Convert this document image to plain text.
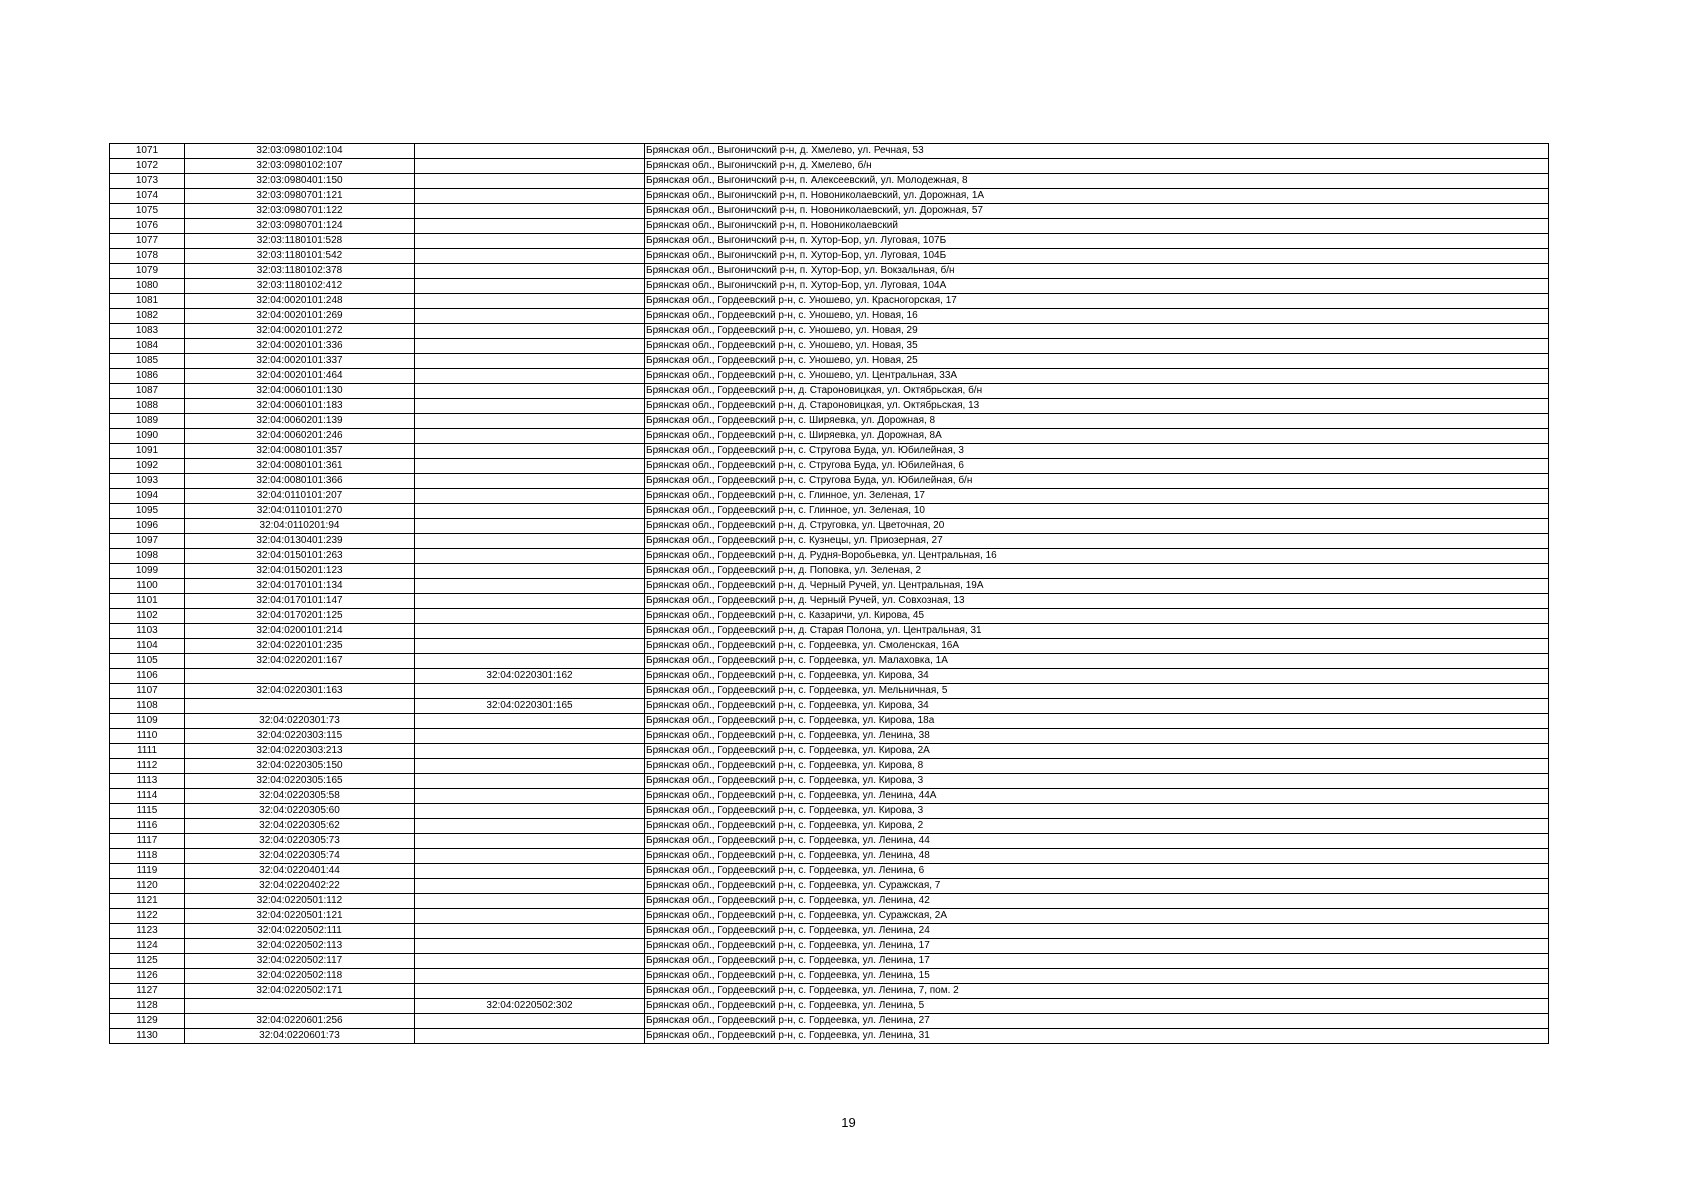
1071	32:03:0980102:104		Брянская обл., Выгоничский р-н, д. Хмелево, ул. Речная, 53
1072	32:03:0980102:107		Брянская обл., Выгоничский р-н, д. Хмелево, б/н
1073	32:03:0980401:150		Брянская обл., Выгоничский р-н, п. Алексеевский, ул. Молодежная, 8
1074	32:03:0980701:121		Брянская обл., Выгоничский р-н, п. Новониколаевский, ул. Дорожная, 1А
1075	32:03:0980701:122		Брянская обл., Выгоничский р-н, п. Новониколаевский, ул. Дорожная, 57
1076	32:03:0980701:124		Брянская обл., Выгоничский р-н, п. Новониколаевский
1077	32:03:1180101:528		Брянская обл., Выгоничский р-н, п. Хутор-Бор, ул. Луговая, 107Б
1078	32:03:1180101:542		Брянская обл., Выгоничский р-н, п. Хутор-Бор, ул. Луговая, 104Б
1079	32:03:1180102:378		Брянская обл., Выгоничский р-н, п. Хутор-Бор, ул. Вокзальная, б/н
1080	32:03:1180102:412		Брянская обл., Выгоничский р-н, п. Хутор-Бор, ул. Луговая, 104А
1081	32:04:0020101:248		Брянская обл., Гордеевский р-н, с. Уношево, ул. Красногорская, 17
1082	32:04:0020101:269		Брянская обл., Гордеевский р-н, с. Уношево, ул. Новая, 16
1083	32:04:0020101:272		Брянская обл., Гордеевский р-н, с. Уношево, ул. Новая, 29
1084	32:04:0020101:336		Брянская обл., Гордеевский р-н, с. Уношево, ул. Новая, 35
1085	32:04:0020101:337		Брянская обл., Гордеевский р-н, с. Уношево, ул. Новая, 25
1086	32:04:0020101:464		Брянская обл., Гордеевский р-н, с. Уношево, ул. Центральная, 33А
1087	32:04:0060101:130		Брянская обл., Гордеевский р-н, д. Староновицкая, ул. Октябрьская, б/н
1088	32:04:0060101:183		Брянская обл., Гордеевский р-н, д. Староновицкая, ул. Октябрьская, 13
1089	32:04:0060201:139		Брянская обл., Гордеевский р-н, с. Ширяевка, ул. Дорожная, 8
1090	32:04:0060201:246		Брянская обл., Гордеевский р-н, с. Ширяевка, ул. Дорожная, 8А
1091	32:04:0080101:357		Брянская обл., Гордеевский р-н, с. Стругова Буда, ул. Юбилейная, 3
1092	32:04:0080101:361		Брянская обл., Гордеевский р-н, с. Стругова Буда, ул. Юбилейная, 6
1093	32:04:0080101:366		Брянская обл., Гордеевский р-н, с. Стругова Буда, ул. Юбилейная, б/н
1094	32:04:0110101:207		Брянская обл., Гордеевский р-н, с. Глинное, ул. Зеленая, 17
1095	32:04:0110101:270		Брянская обл., Гордеевский р-н, с. Глинное, ул. Зеленая, 10
1096	32:04:0110201:94		Брянская обл., Гордеевский р-н, д. Струговка, ул. Цветочная, 20
1097	32:04:0130401:239		Брянская обл., Гордеевский р-н, с. Кузнецы, ул. Приозерная, 27
1098	32:04:0150101:263		Брянская обл., Гордеевский р-н, д. Рудня-Воробьевка, ул. Центральная, 16
1099	32:04:0150201:123		Брянская обл., Гордеевский р-н, д. Поповка, ул. Зеленая, 2
1100	32:04:0170101:134		Брянская обл., Гордеевский р-н, д. Черный Ручей, ул. Центральная, 19А
1101	32:04:0170101:147		Брянская обл., Гордеевский р-н, д. Черный Ручей, ул. Совхозная, 13
1102	32:04:0170201:125		Брянская обл., Гордеевский р-н, с. Казаричи, ул. Кирова, 45
1103	32:04:0200101:214		Брянская обл., Гордеевский р-н, д. Старая Полона, ул. Центральная, 31
1104	32:04:0220101:235		Брянская обл., Гордеевский р-н, с. Гордеевка, ул. Смоленская, 16А
1105	32:04:0220201:167		Брянская обл., Гордеевский р-н, с. Гордеевка, ул. Малаховка, 1А
1106		32:04:0220301:162	Брянская обл., Гордеевский р-н, с. Гордеевка, ул. Кирова, 34
1107	32:04:0220301:163		Брянская обл., Гордеевский р-н, с. Гордеевка, ул. Мельничная, 5
1108		32:04:0220301:165	Брянская обл., Гордеевский р-н, с. Гордеевка, ул. Кирова, 34
1109	32:04:0220301:73		Брянская обл., Гордеевский р-н, с. Гордеевка, ул. Кирова, 18а
1110	32:04:0220303:115		Брянская обл., Гордеевский р-н, с. Гордеевка, ул. Ленина, 38
1111	32:04:0220303:213		Брянская обл., Гордеевский р-н, с. Гордеевка, ул. Кирова, 2А
1112	32:04:0220305:150		Брянская обл., Гордеевский р-н, с. Гордеевка, ул. Кирова, 8
1113	32:04:0220305:165		Брянская обл., Гордеевский р-н, с. Гордеевка, ул. Кирова, 3
1114	32:04:0220305:58		Брянская обл., Гордеевский р-н, с. Гордеевка, ул. Ленина, 44А
1115	32:04:0220305:60		Брянская обл., Гордеевский р-н, с. Гордеевка, ул. Кирова, 3
1116	32:04:0220305:62		Брянская обл., Гордеевский р-н, с. Гордеевка, ул. Кирова, 2
1117	32:04:0220305:73		Брянская обл., Гордеевский р-н, с. Гордеевка, ул. Ленина, 44
1118	32:04:0220305:74		Брянская обл., Гордеевский р-н, с. Гордеевка, ул. Ленина, 48
1119	32:04:0220401:44		Брянская обл., Гордеевский р-н, с. Гордеевка, ул. Ленина, 6
1120	32:04:0220402:22		Брянская обл., Гордеевский р-н, с. Гордеевка, ул. Суражская, 7
1121	32:04:0220501:112		Брянская обл., Гордеевский р-н, с. Гордеевка, ул. Ленина, 42
1122	32:04:0220501:121		Брянская обл., Гордеевский р-н, с. Гордеевка, ул. Суражская, 2А
1123	32:04:0220502:111		Брянская обл., Гордеевский р-н, с. Гордеевка, ул. Ленина, 24
1124	32:04:0220502:113		Брянская обл., Гордеевский р-н, с. Гордеевка, ул. Ленина, 17
1125	32:04:0220502:117		Брянская обл., Гордеевский р-н, с. Гордеевка, ул. Ленина, 17
1126	32:04:0220502:118		Брянская обл., Гордеевский р-н, с. Гордеевка, ул. Ленина, 15
1127	32:04:0220502:171		Брянская обл., Гордеевский р-н, с. Гордеевка, ул. Ленина, 7, пом. 2
1128		32:04:0220502:302	Брянская обл., Гордеевский р-н, с. Гордеевка, ул. Ленина, 5
1129	32:04:0220601:256		Брянская обл., Гордеевский р-н, с. Гордеевка, ул. Ленина, 27
1130	32:04:0220601:73		Брянская обл., Гордеевский р-н, с. Гордеевка, ул. Ленина, 31
19
